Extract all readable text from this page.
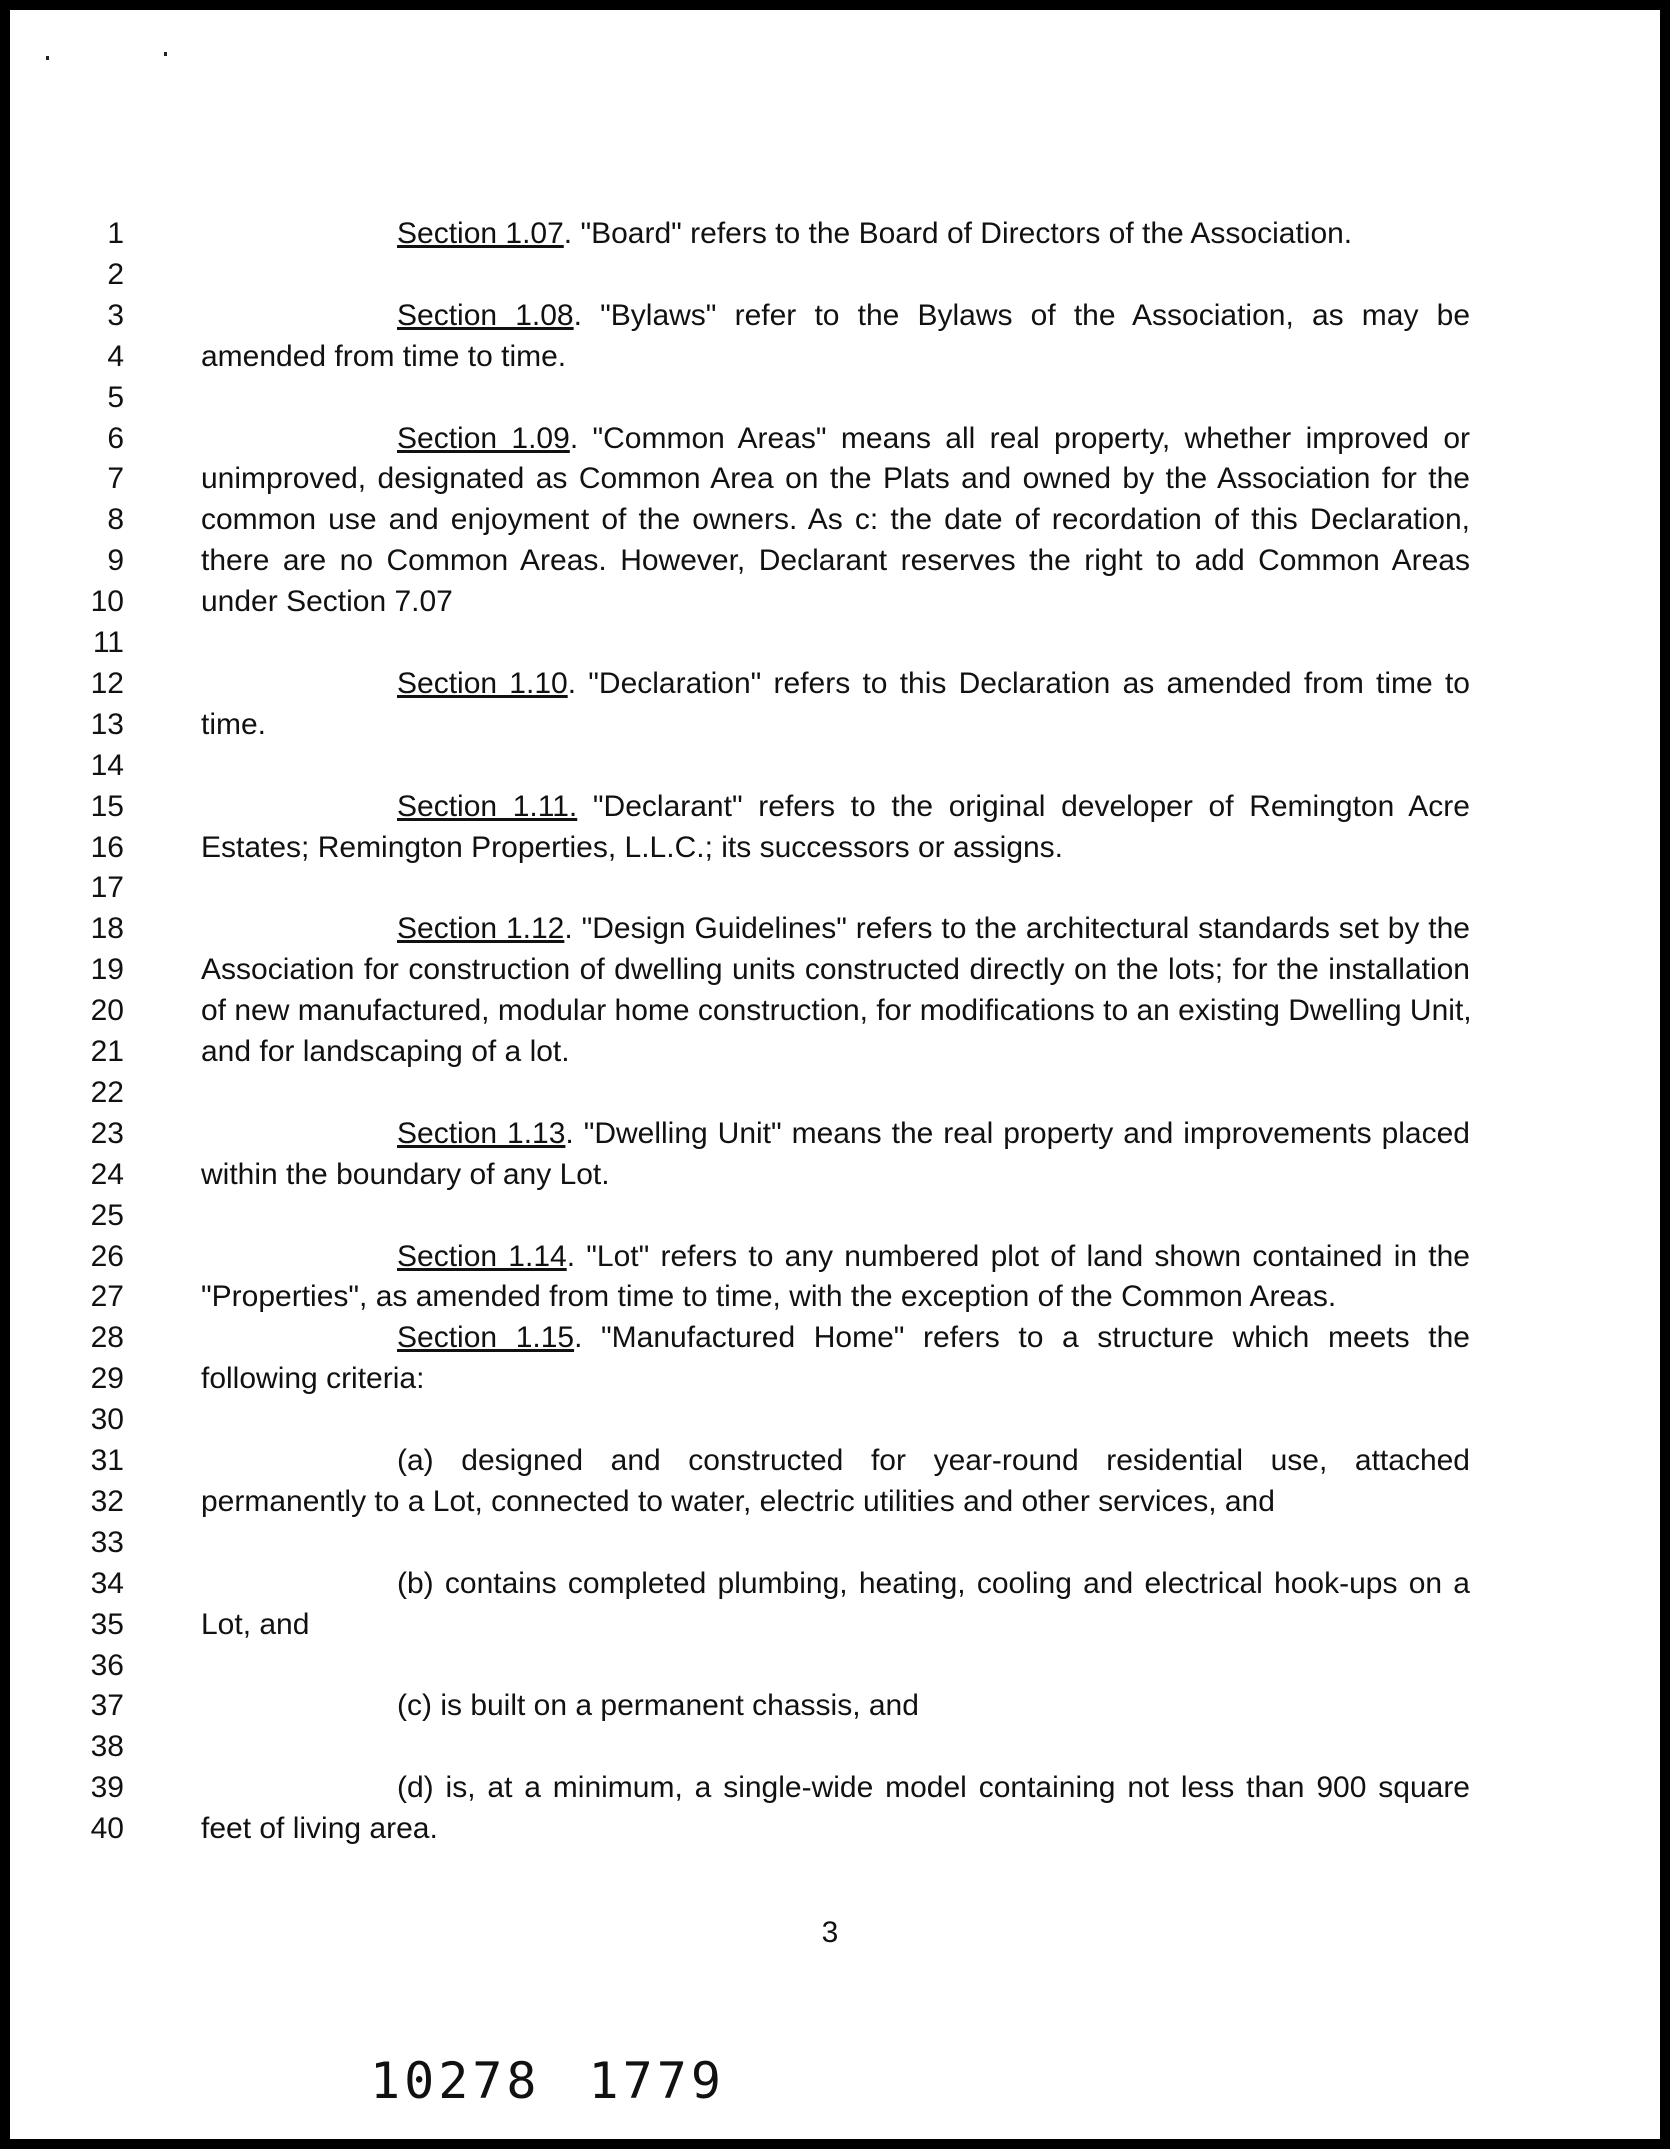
1	Section 1.07. "Board" refers to the Board of Directors of the Association.
2
3	Section 1.08. "Bylaws" refer to the Bylaws of the Association, as may be
4	amended from time to time.
5
6	Section 1.09. "Common Areas" means all real property, whether improved or
7	unimproved, designated as Common Area on the Plats and owned by the Association for the
8	common use and enjoyment of the owners. As c: the date of recordation of this Declaration,
9	there are no Common Areas. However, Declarant reserves the right to add Common Areas
10	under Section 7.07
11
12	Section 1.10. "Declaration" refers to this Declaration as amended from time to
13	time.
14
15	Section 1.11. "Declarant" refers to the original developer of Remington Acre
16	Estates; Remington Properties, L.L.C.; its successors or assigns.
17
18	Section 1.12. "Design Guidelines" refers to the architectural standards set by the
19	Association for construction of dwelling units constructed directly on the lots; for the installation
20	of new manufactured, modular home construction, for modifications to an existing Dwelling Unit,
21	and for landscaping of a lot.
22
23	Section 1.13. "Dwelling Unit" means the real property and improvements placed
24	within the boundary of any Lot.
25
26	Section 1.14. "Lot" refers to any numbered plot of land shown contained in the
27	"Properties", as amended from time to time, with the exception of the Common Areas.
28	Section 1.15. "Manufactured Home" refers to a structure which meets the
29	following criteria:
30
31	(a) designed and constructed for year-round residential use, attached
32	permanently to a Lot, connected to water, electric utilities and other services, and
33
34	(b) contains completed plumbing, heating, cooling and electrical hook-ups on a
35	Lot, and
36
37	(c) is built on a permanent chassis, and
38
39	(d) is, at a minimum, a single-wide model containing not less than 900 square
40	feet of living area.
3
10278 1779
